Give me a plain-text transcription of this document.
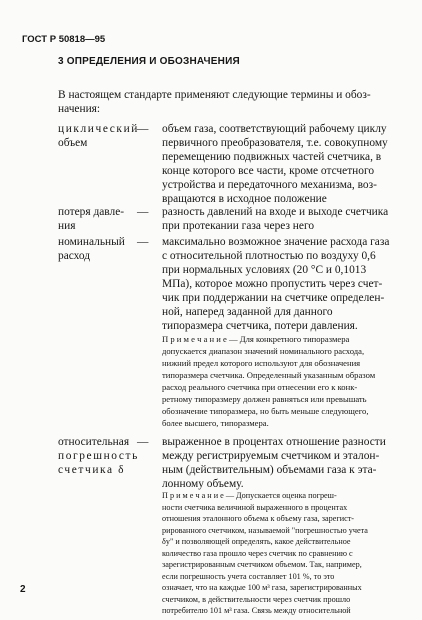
ГОСТ Р 50818—95
3 ОПРЕДЕЛЕНИЯ И ОБОЗНАЧЕНИЯ
В настоящем стандарте применяют следующие термины и обоз-
начения:
циклический
объем
— объем газа, соответствующий рабочему циклу
первичного преобразователя, т.е. совокупному
перемещению подвижных частей счетчика, в
конце которого все части, кроме отсчетного
устройства и передаточного механизма, воз-
вращаются в исходное положение
потеря давле-
ния
— разность давлений на входе и выходе счетчика
при протекании газа через него
номинальный
расход
— максимально возможное значение расхода газа
с относительной плотностью по воздуху 0,6
при нормальных условиях (20 °С и 0,1013
МПа), которое можно пропустить через счет-
чик при поддержании на счетчике определен-
ной, наперед заданной для данного
типоразмера счетчика, потери давления.
П р и м е ч а н и е — Для конкретного типоразмера
допускается диапазон значений номинального расхода,
нижний предел которого используют для обозначения
типоразмера счетчика. Определенный указанным образом
расход реального счетчика при отнесении его к конк-
ретному типоразмеру должен равняться или превышать
обозначение типоразмера, но быть меньше следующего,
более высшего, типоразмера.
относительная
погрешность
счетчика δ
— выраженное в процентах отношение разности
между регистрируемым счетчиком и эталон-
ным (действительным) объемами газа к эта-
лонному объему.
П р и м е ч а н и е — Допускается оценка погреш-
ности счетчика величиной выраженного в процентах
отношения эталонного объема к объему газа, зарегист-
рированного счетчиком, называемой "погрешностью учета
δy" и позволяющей определять, какое действительное
количество газа прошло через счетчик по сравнению с
зарегистрированным счетчиком объемом. Так, например,
если погрешность учета составляет 101 %, то это
означает, что на каждые 100 м³ газа, зарегистрированных
счетчиком, в действительности через счетчик прошло
потребителю 101 м³ газа. Связь между относительной
2
